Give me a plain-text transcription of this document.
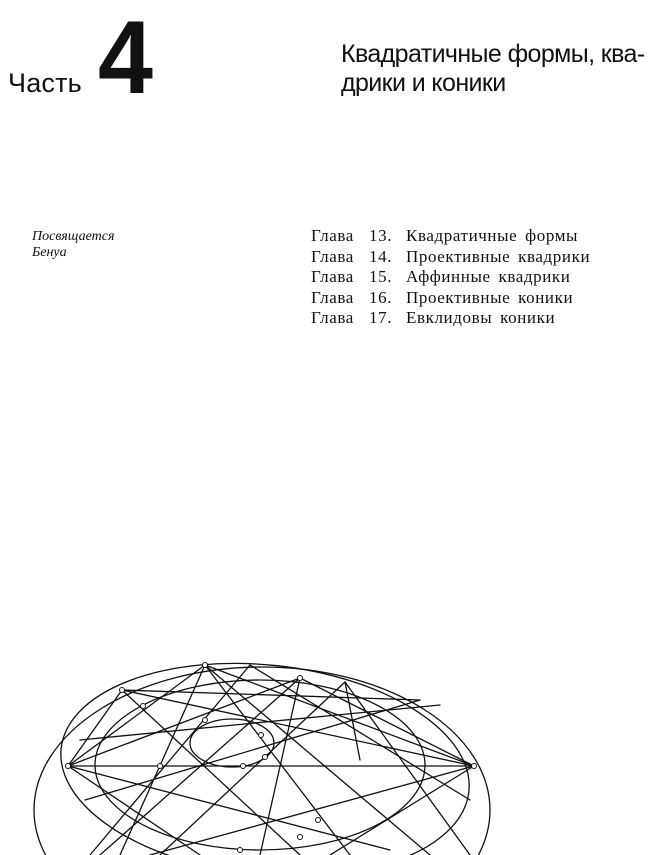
Часть 4	Квадратичные формы, ква-
дрики и коники
Посвящается
Бенуа
Глава 13. Квадратичные формы
Глава 14. Проективные квадрики
Глава 15. Аффинные квадрики
Глава 16. Проективные коники
Глава 17. Евклидовы коники
